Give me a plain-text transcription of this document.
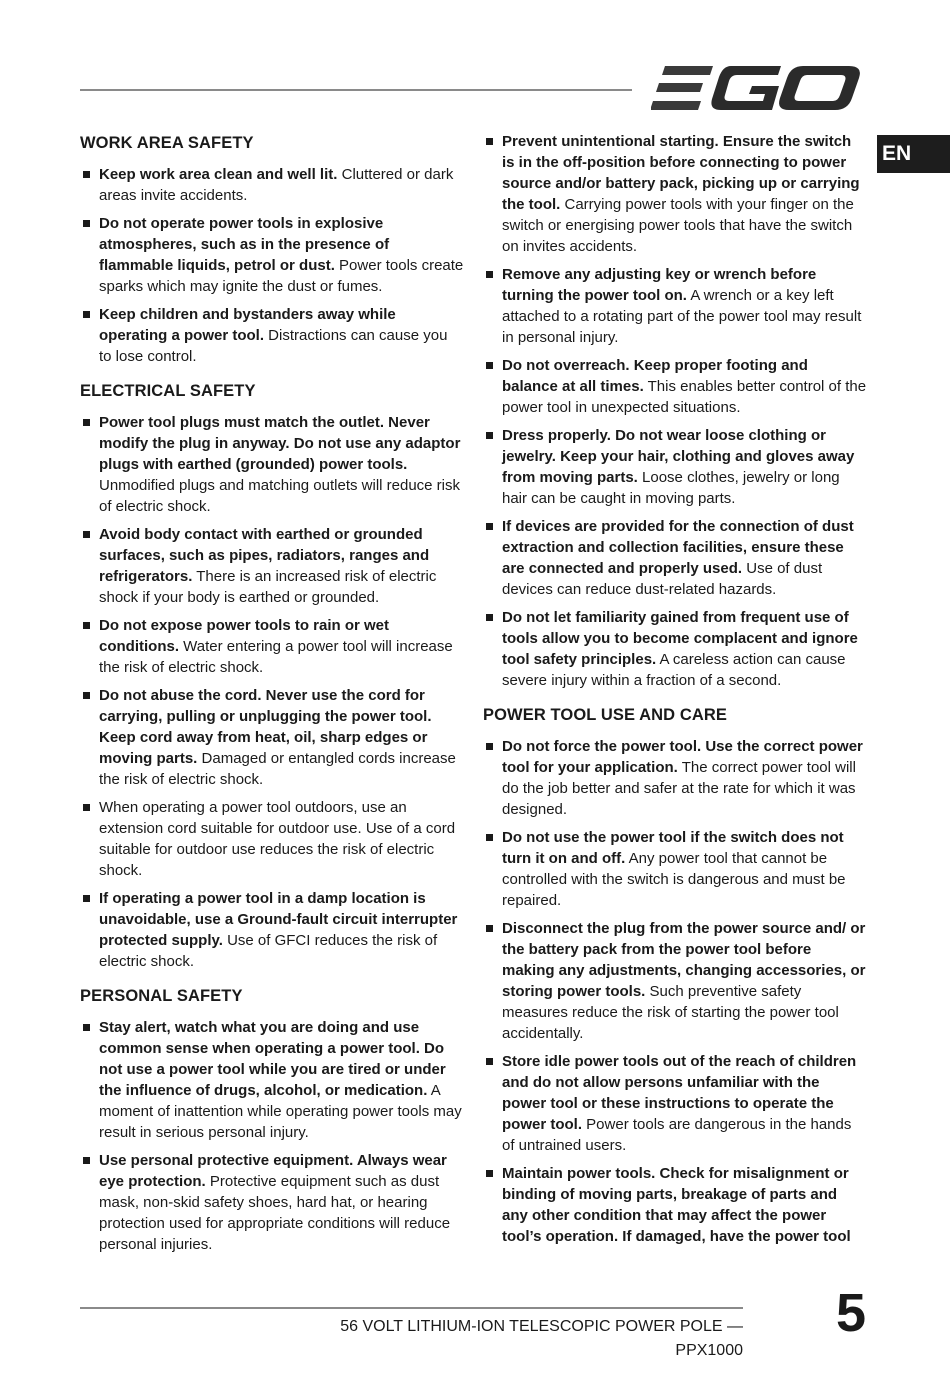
EN
WORK AREA SAFETY
Keep work area clean and well lit. Cluttered or dark areas invite accidents.
Do not operate power tools in explosive atmospheres, such as in the presence of flammable liquids, petrol or dust. Power tools create sparks which may ignite the dust or fumes.
Keep children and bystanders away while operating a power tool. Distractions can cause you to lose control.
ELECTRICAL SAFETY
Power tool plugs must match the outlet. Never modify the plug in anyway. Do not use any adaptor plugs with earthed (grounded) power tools. Unmodified plugs and matching outlets will reduce risk of electric shock.
Avoid body contact with earthed or grounded surfaces, such as pipes, radiators, ranges and refrigerators. There is an increased risk of electric shock if your body is earthed or grounded.
Do not expose power tools to rain or wet conditions. Water entering a power tool will increase the risk of electric shock.
Do not abuse the cord. Never use the cord for carrying, pulling or unplugging the power tool. Keep cord away from heat, oil, sharp edges or moving parts. Damaged or entangled cords increase the risk of electric shock.
When operating a power tool outdoors, use an extension cord suitable for outdoor use. Use of a cord suitable for outdoor use reduces the risk of electric shock.
If operating a power tool in a damp location is unavoidable, use a Ground-fault circuit interrupter protected supply. Use of GFCI reduces the risk of electric shock.
PERSONAL SAFETY
Stay alert, watch what you are doing and use common sense when operating a power tool. Do not use a power tool while you are tired or under the influence of drugs, alcohol, or medication. A moment of inattention while operating power tools may result in serious personal injury.
Use personal protective equipment. Always wear eye protection. Protective equipment such as dust mask, non-skid safety shoes, hard hat, or hearing protection used for appropriate conditions will reduce personal injuries.
Prevent unintentional starting. Ensure the switch is in the off-position before connecting to power source and/or battery pack, picking up or carrying the tool. Carrying power tools with your finger on the switch or energising power tools that have the switch on invites accidents.
Remove any adjusting key or wrench before turning the power tool on. A wrench or a key left attached to a rotating part of the power tool may result in personal injury.
Do not overreach. Keep proper footing and balance at all times. This enables better control of the power tool in unexpected situations.
Dress properly. Do not wear loose clothing or jewelry. Keep your hair, clothing and gloves away from moving parts. Loose clothes, jewelry or long hair can be caught in moving parts.
If devices are provided for the connection of dust extraction and collection facilities, ensure these are connected and properly used. Use of dust devices can reduce dust-related hazards.
Do not let familiarity gained from frequent use of tools allow you to become complacent and ignore tool safety principles. A careless action can cause severe injury within a fraction of a second.
POWER TOOL USE AND CARE
Do not force the power tool. Use the correct power tool for your application. The correct power tool will do the job better and safer at the rate for which it was designed.
Do not use the power tool if the switch does not turn it on and off. Any power tool that cannot be controlled with the switch is dangerous and must be repaired.
Disconnect the plug from the power source and/ or the battery pack from the power tool before making any adjustments, changing accessories, or storing power tools. Such preventive safety measures reduce the risk of starting the power tool accidentally.
Store idle power tools out of the reach of children and do not allow persons unfamiliar with the power tool or these instructions to operate the power tool. Power tools are dangerous in the hands of untrained users.
Maintain power tools. Check for misalignment or binding of moving parts, breakage of parts and any other condition that may affect the power tool’s operation. If damaged, have the power tool
56 VOLT LITHIUM-ION TELESCOPIC POWER POLE — PPX1000
5
